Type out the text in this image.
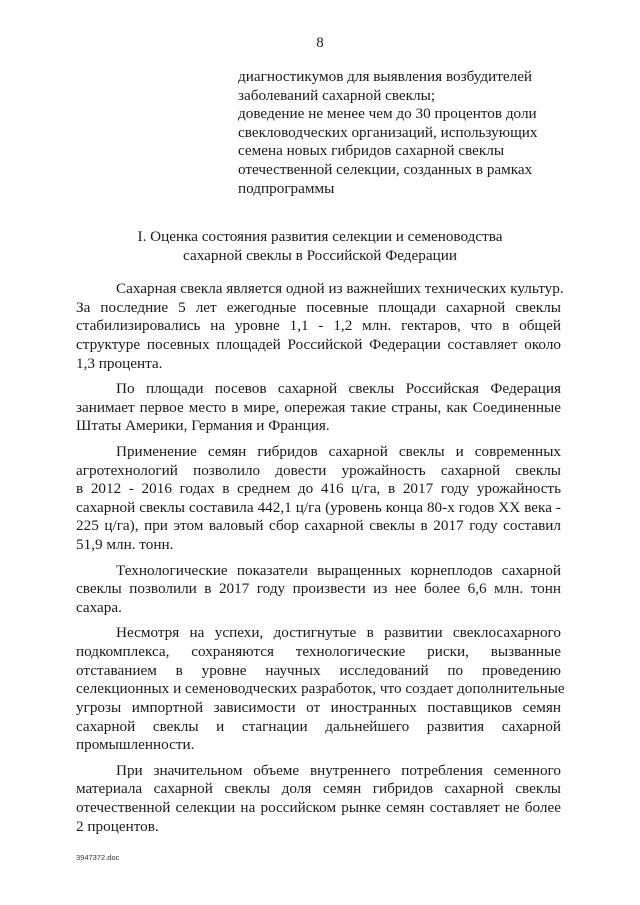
8

диагностикумов для выявления возбудителей
заболеваний сахарной свеклы;
доведение не менее чем до 30 процентов доли
свекловодческих организаций, использующих
семена новых гибридов сахарной свеклы
отечественной селекции, созданных в рамках
подпрограммы

I. Оценка состояния развития селекции и семеноводства
сахарной свеклы в Российской Федерации

Сахарная свекла является одной из важнейших технических культур.
За последние 5 лет ежегодные посевные площади сахарной свеклы
стабилизировались на уровне 1,1 - 1,2 млн. гектаров, что в общей
структуре посевных площадей Российской Федерации составляет около
1,3 процента.

По площади посевов сахарной свеклы Российская Федерация
занимает первое место в мире, опережая такие страны, как Соединенные
Штаты Америки, Германия и Франция.

Применение семян гибридов сахарной свеклы и современных
агротехнологий позволило довести урожайность сахарной свеклы
в 2012 - 2016 годах в среднем до 416 ц/га, в 2017 году урожайность
сахарной свеклы составила 442,1 ц/га (уровень конца 80-х годов XX века -
225 ц/га), при этом валовый сбор сахарной свеклы в 2017 году составил
51,9 млн. тонн.

Технологические показатели выращенных корнеплодов сахарной
свеклы позволили в 2017 году произвести из нее более 6,6 млн. тонн
сахара.

Несмотря на успехи, достигнутые в развитии свеклосахарного
подкомплекса, сохраняются технологические риски, вызванные
отставанием в уровне научных исследований по проведению
селекционных и семеноводческих разработок, что создает дополнительные
угрозы импортной зависимости от иностранных поставщиков семян
сахарной свеклы и стагнации дальнейшего развития сахарной
промышленности.

При значительном объеме внутреннего потребления семенного
материала сахарной свеклы доля семян гибридов сахарной свеклы
отечественной селекции на российском рынке семян составляет не более
2 процентов.

3947372.doc
